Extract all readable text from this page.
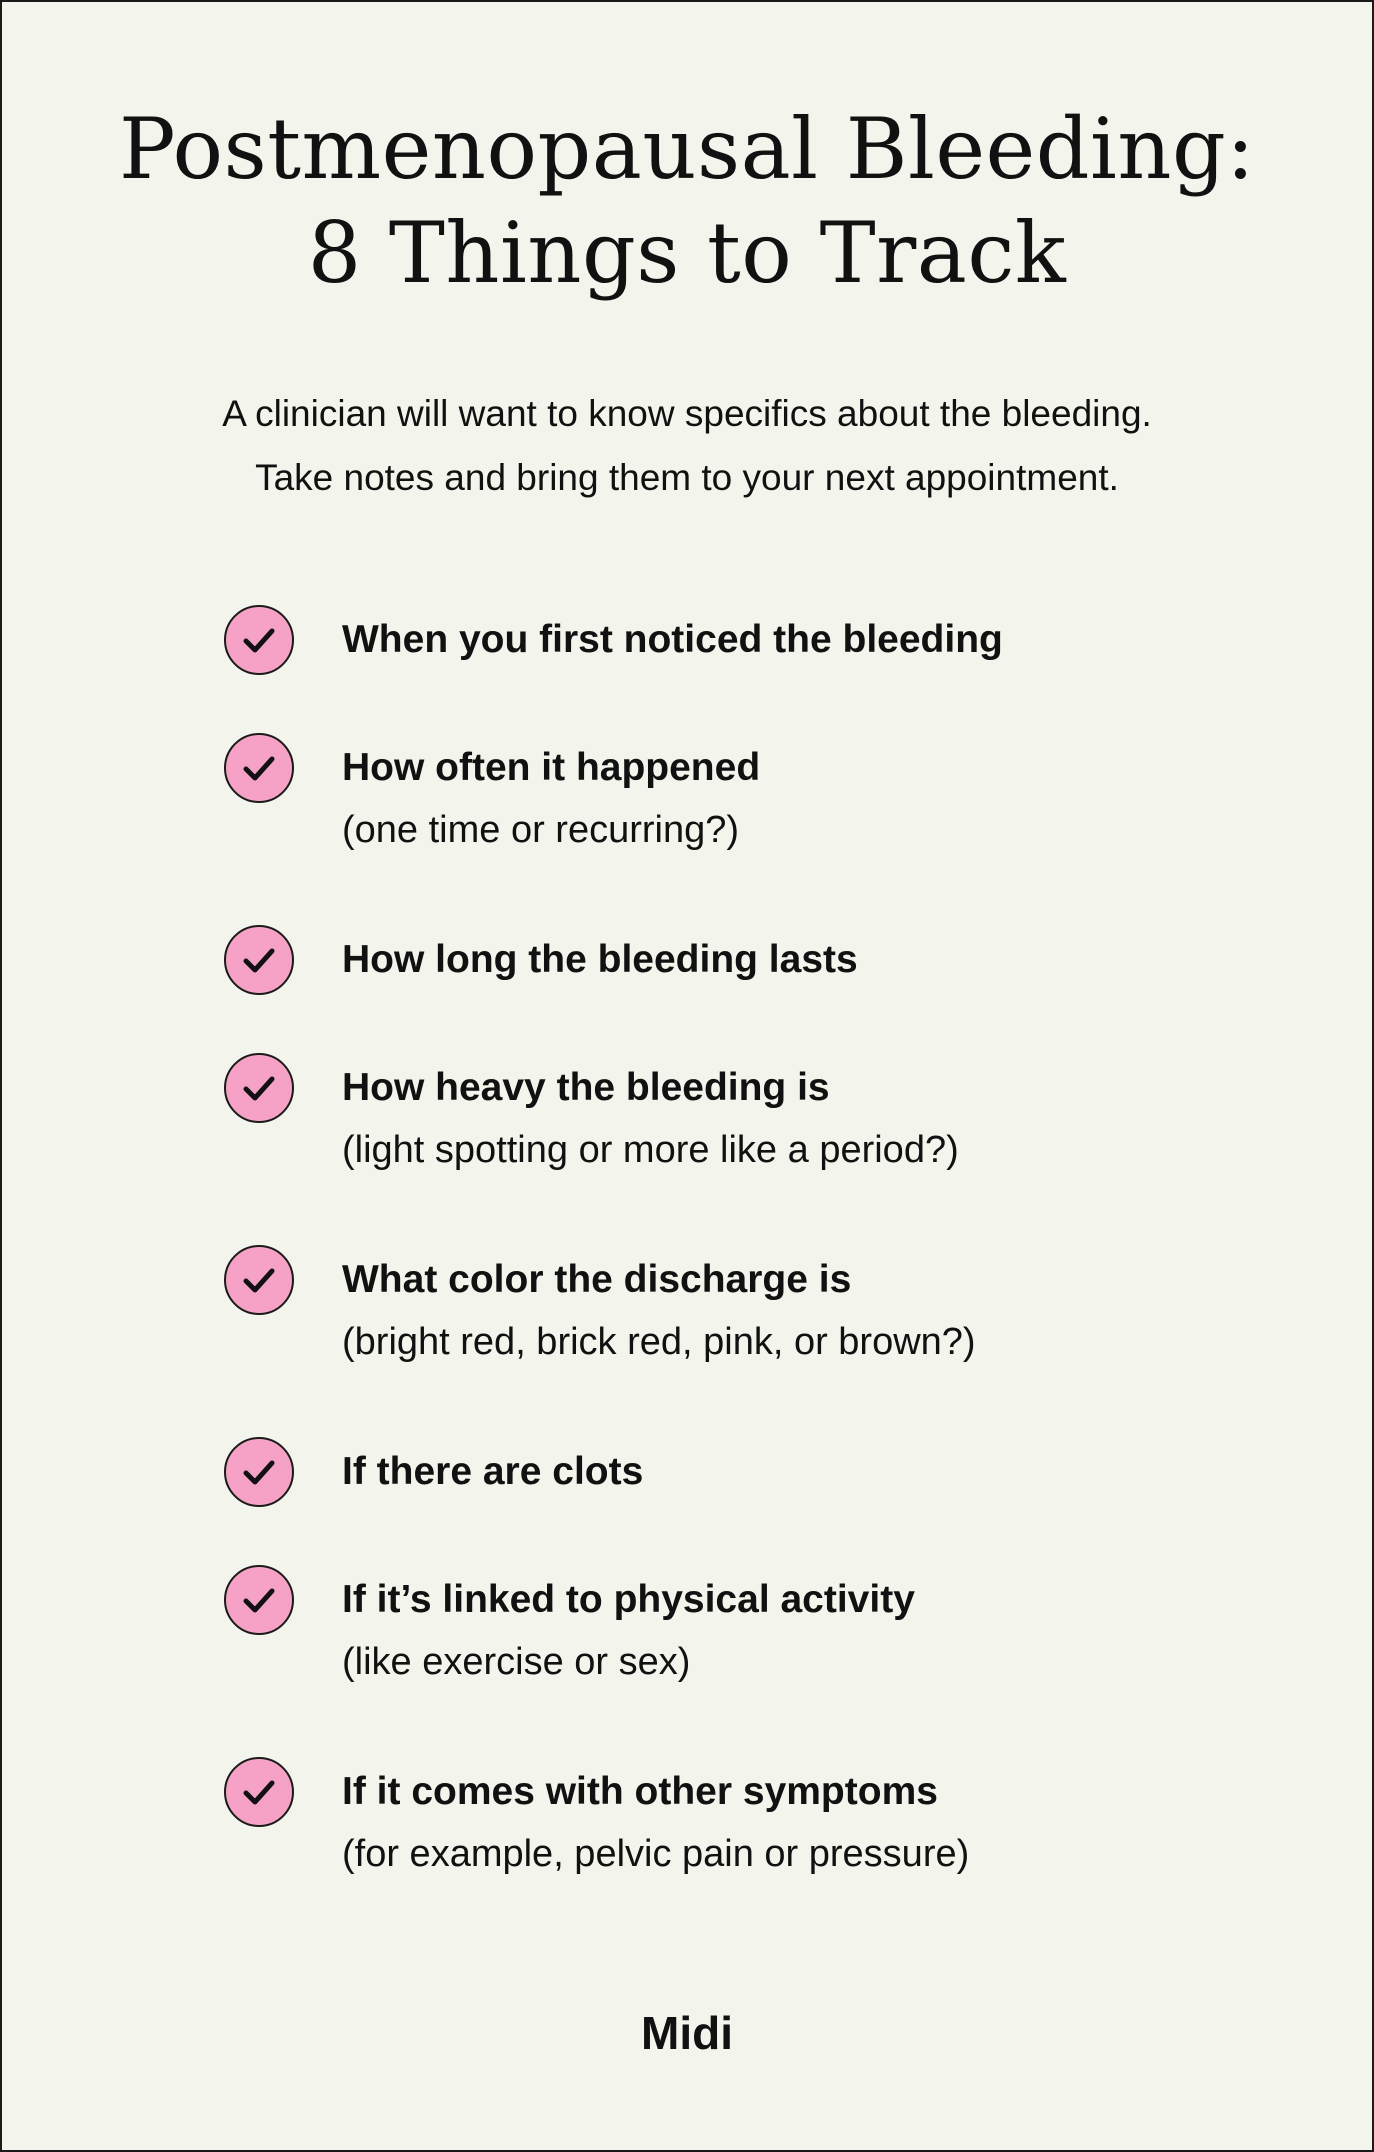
Postmenopausal Bleeding:
8 Things to Track

A clinician will want to know specifics about the bleeding.
Take notes and bring them to your next appointment.

When you first noticed the bleeding
How often it happened
(one time or recurring?)
How long the bleeding lasts
How heavy the bleeding is
(light spotting or more like a period?)
What color the discharge is
(bright red, brick red, pink, or brown?)
If there are clots
If it’s linked to physical activity
(like exercise or sex)
If it comes with other symptoms
(for example, pelvic pain or pressure)
Midi
